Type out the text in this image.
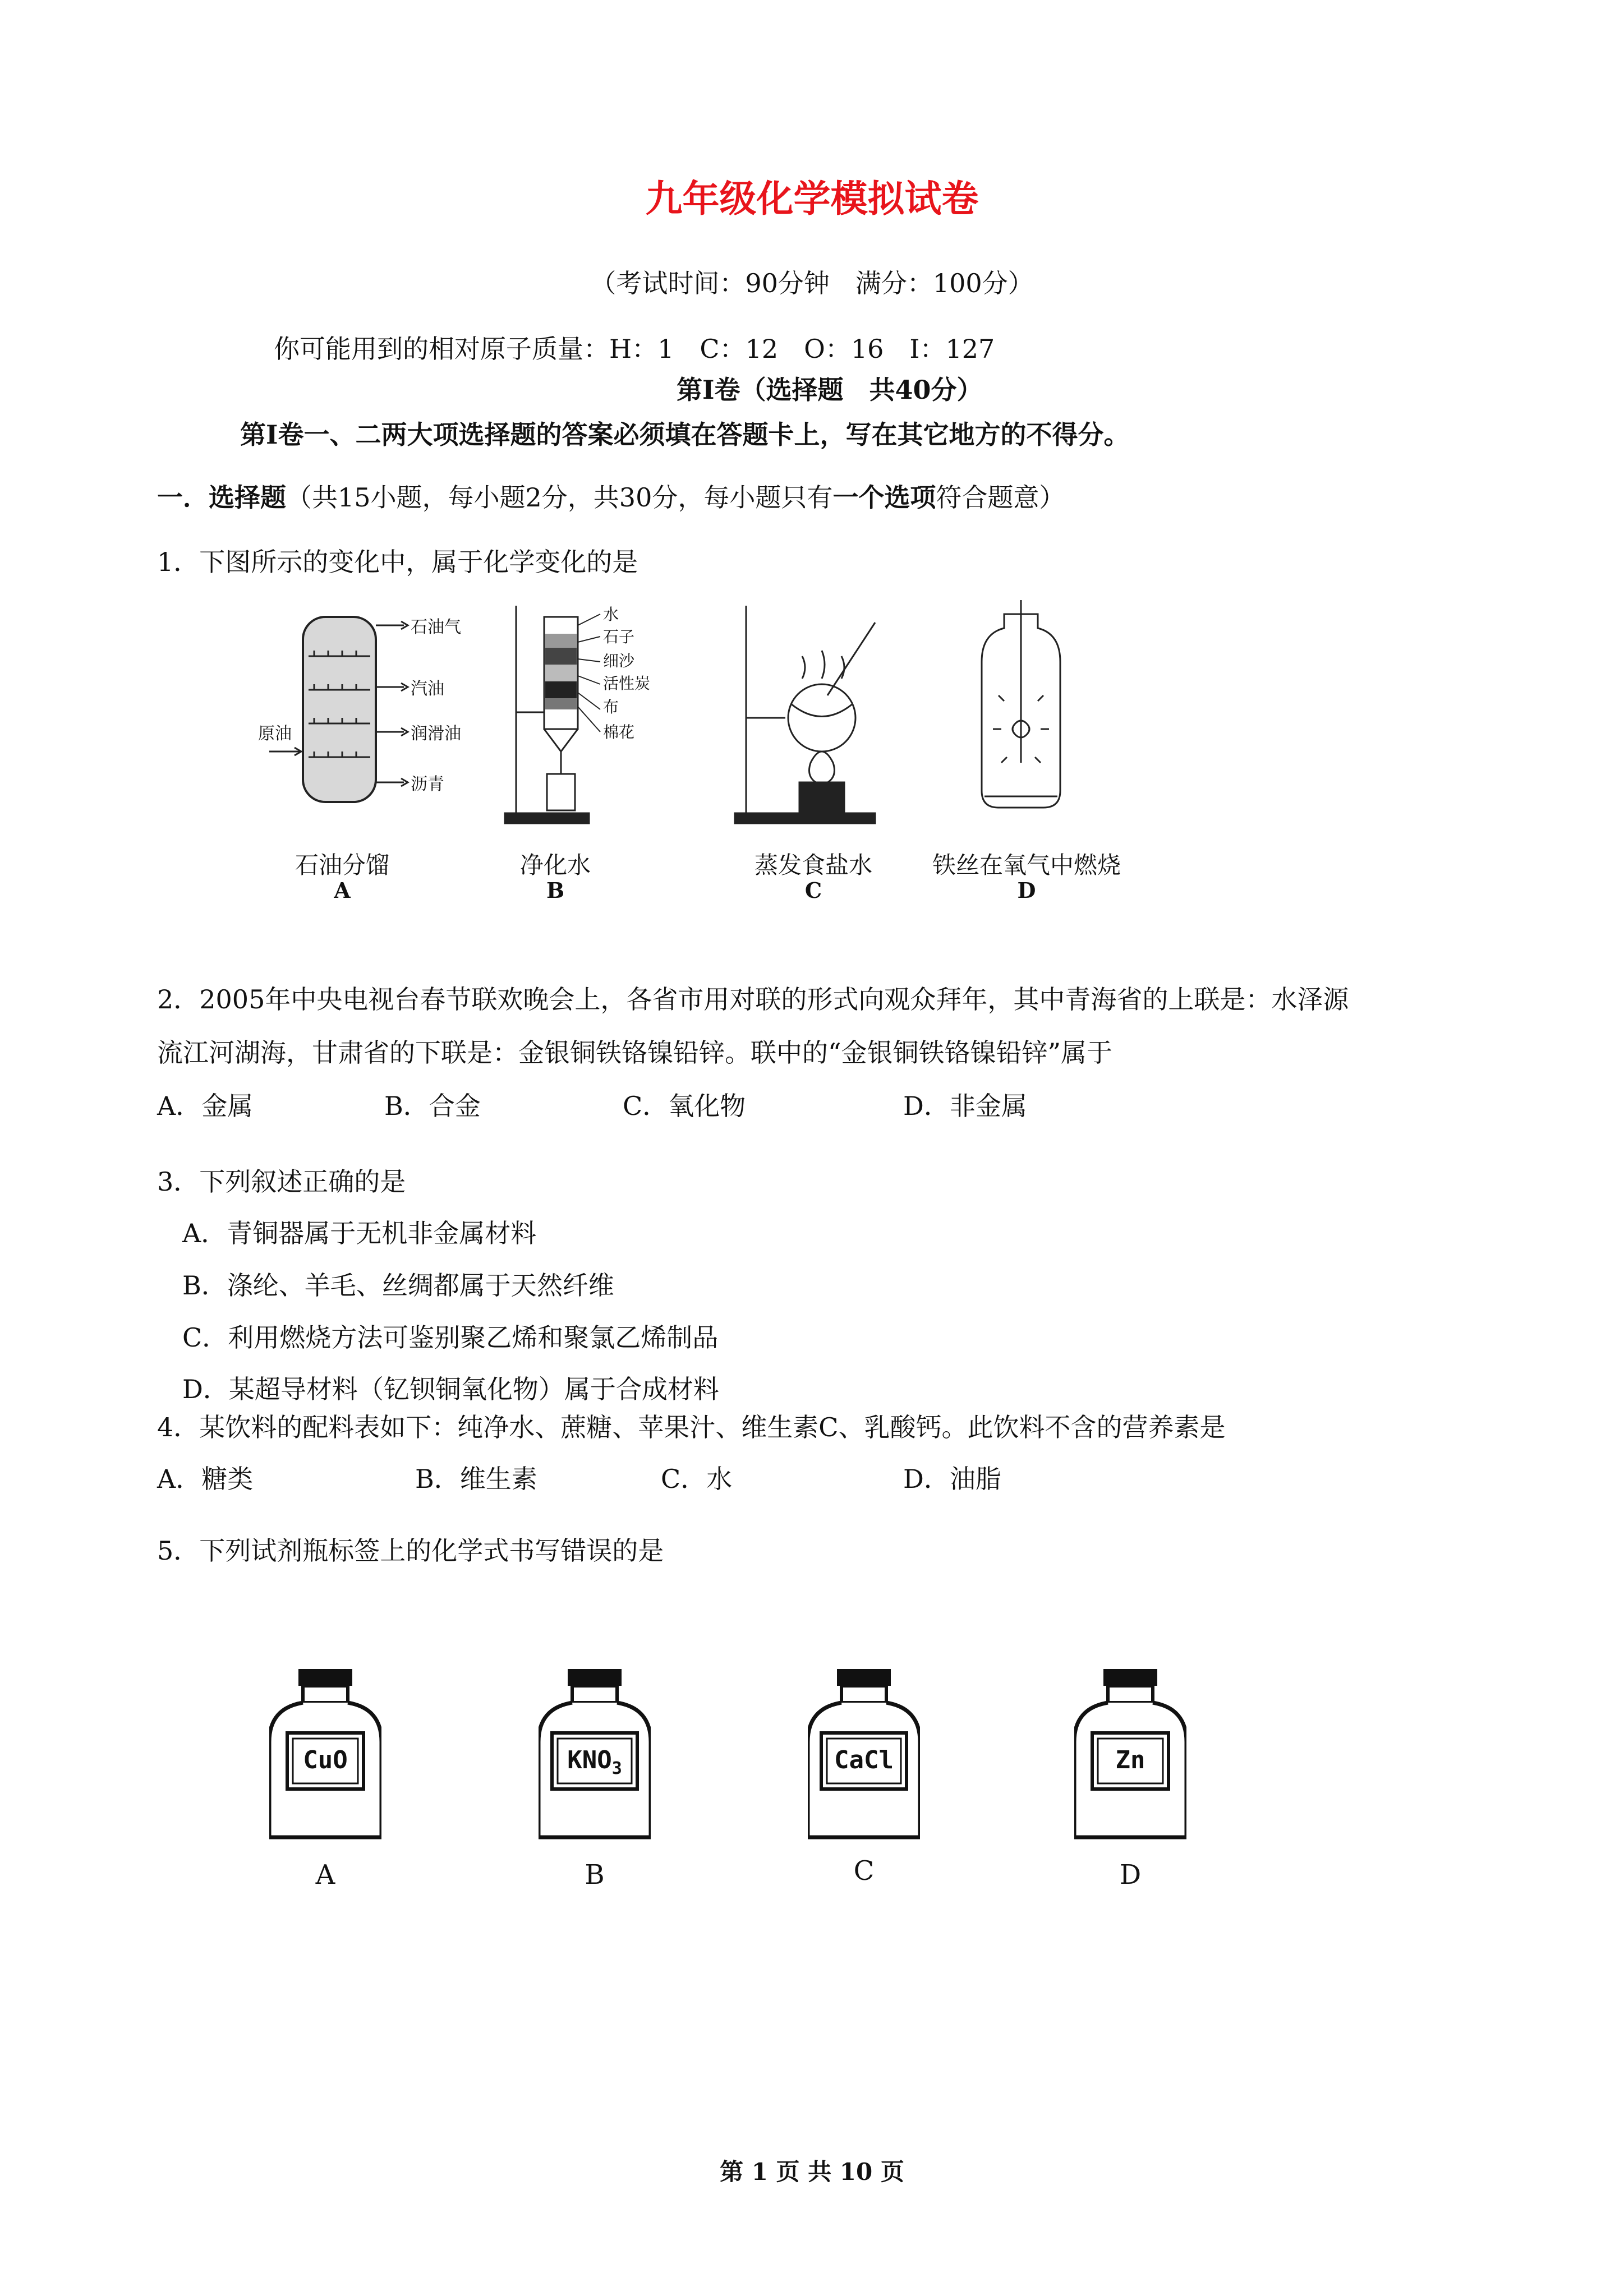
九年级化学模拟试卷
（考试时间：90分钟　满分：100分）
你可能用到的相对原子质量：H：1　C：12　O：16　I：127
第Ⅰ卷（选择题　共40分）
第Ⅰ卷一、二两大项选择题的答案必须填在答题卡上，写在其它地方的不得分。
一．选择题（共15小题，每小题2分，共30分，每小题只有一个选项符合题意）
1．下图所示的变化中，属于化学变化的是
石油气
汽油
润滑油
原油
沥青
水
石子
细沙
活性炭
布
棉花
石油分馏
A
净化水
B
蒸发食盐水
C
铁丝在氧气中燃烧
D
2．2005年中央电视台春节联欢晚会上，各省市用对联的形式向观众拜年，其中青海省的上联是：水泽源
流江河湖海，甘肃省的下联是：金银铜铁铬镍铅锌。联中的“金银铜铁铬镍铅锌”属于
A．金属	B．合金	C．氧化物	D．非金属
3．下列叙述正确的是
A．青铜器属于无机非金属材料
B．涤纶、羊毛、丝绸都属于天然纤维
C．利用燃烧方法可鉴别聚乙烯和聚氯乙烯制品
D．某超导材料（钇钡铜氧化物）属于合成材料
4．某饮料的配料表如下：纯净水、蔗糖、苹果汁、维生素C、乳酸钙。此饮料不含的营养素是
A．糖类	B．维生素	C．水	D．油脂
5．下列试剂瓶标签上的化学式书写错误的是
CuO
A
$KNO_3$
B
CaCl
C
Zn
D
第 1 页 共 10 页
